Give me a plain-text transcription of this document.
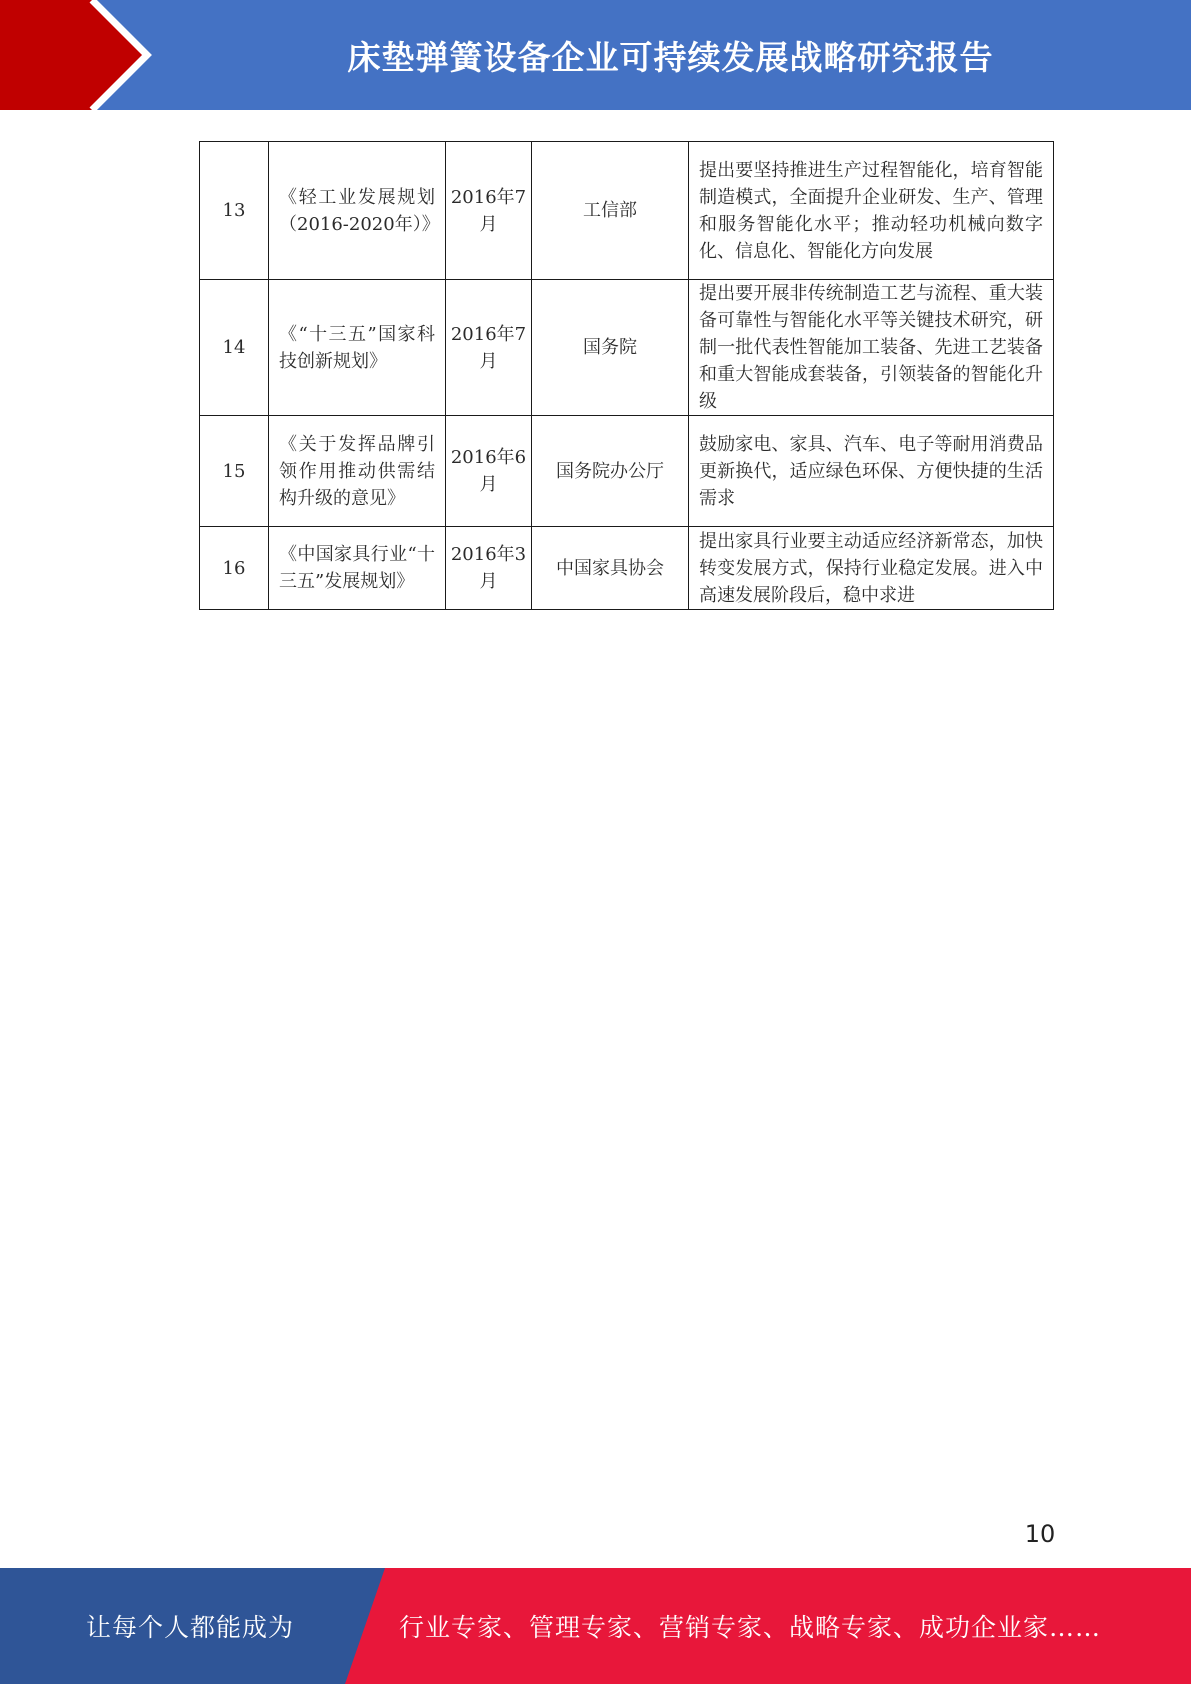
床垫弹簧设备企业可持续发展战略研究报告
13	《轻工业发展规划（2016-2020年）》	2016年7月	工信部	提出要坚持推进生产过程智能化，培育智能制造模式，全面提升企业研发、生产、管理和服务智能化水平；推动轻功机械向数字化、信息化、智能化方向发展
14	《“十三五”国家科技创新规划》	2016年7月	国务院	提出要开展非传统制造工艺与流程、重大装备可靠性与智能化水平等关键技术研究，研制一批代表性智能加工装备、先进工艺装备和重大智能成套装备，引领装备的智能化升级
15	《关于发挥品牌引领作用推动供需结构升级的意见》	2016年6月	国务院办公厅	鼓励家电、家具、汽车、电子等耐用消费品更新换代，适应绿色环保、方便快捷的生活需求
16	《中国家具行业“十三五”发展规划》	2016年3月	中国家具协会	提出家具行业要主动适应经济新常态，加快转变发展方式，保持行业稳定发展。进入中高速发展阶段后，稳中求进
10
让每个人都能成为	行业专家、管理专家、营销专家、战略专家、成功企业家……
